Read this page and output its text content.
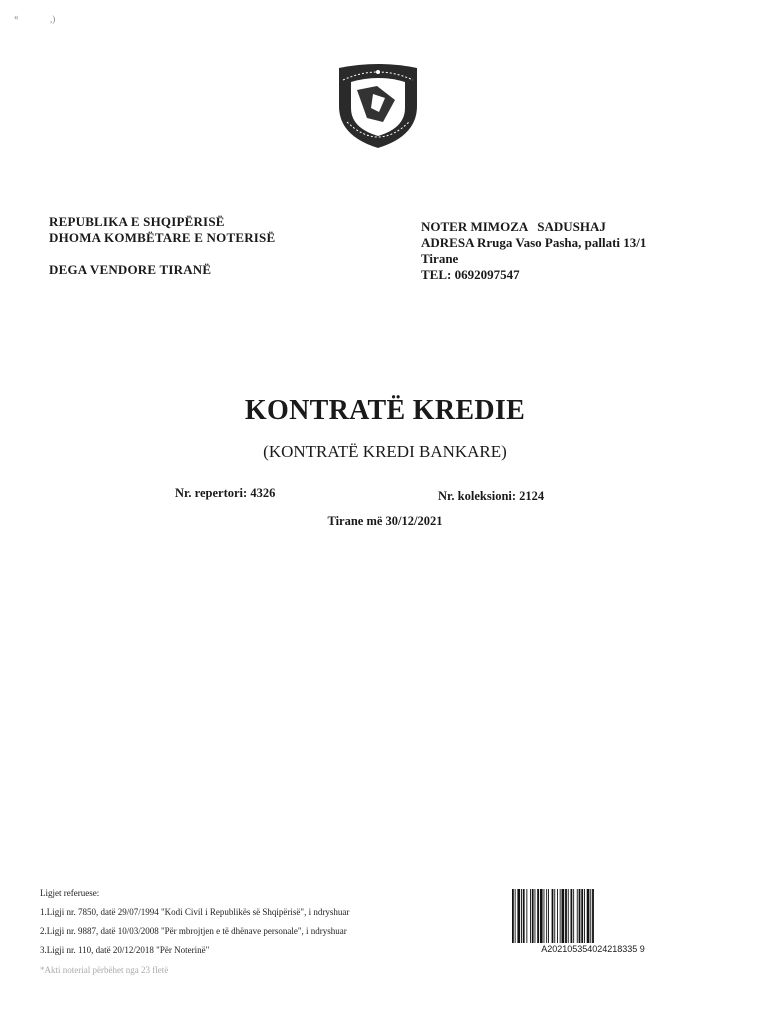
«	,)
REPUBLIKA E SHQIPËRISË
DHOMA KOMBËTARE E NOTERISË
DEGA VENDORE TIRANË
NOTER MIMOZA   SADUSHAJ
ADRESA Rruga Vaso Pasha, pallati 13/1
Tirane
TEL: 0692097547
KONTRATË KREDIE
(KONTRATË KREDI BANKARE)
Nr. repertori: 4326	Nr. koleksioni: 2124
Tirane më 30/12/2021
Ligjet referuese:
1.Ligji nr. 7850, datë 29/07/1994 "Kodi Civil i Republikës së Shqipërisë", i ndryshuar
2.Ligji nr. 9887, datë 10/03/2008 "Për mbrojtjen e të dhënave personale", i ndryshuar
3.Ligji nr. 110, datë 20/12/2018 "Për Noterinë"
*Akti noterial përbëhet nga 23 fletë
A202105354024218335 9
